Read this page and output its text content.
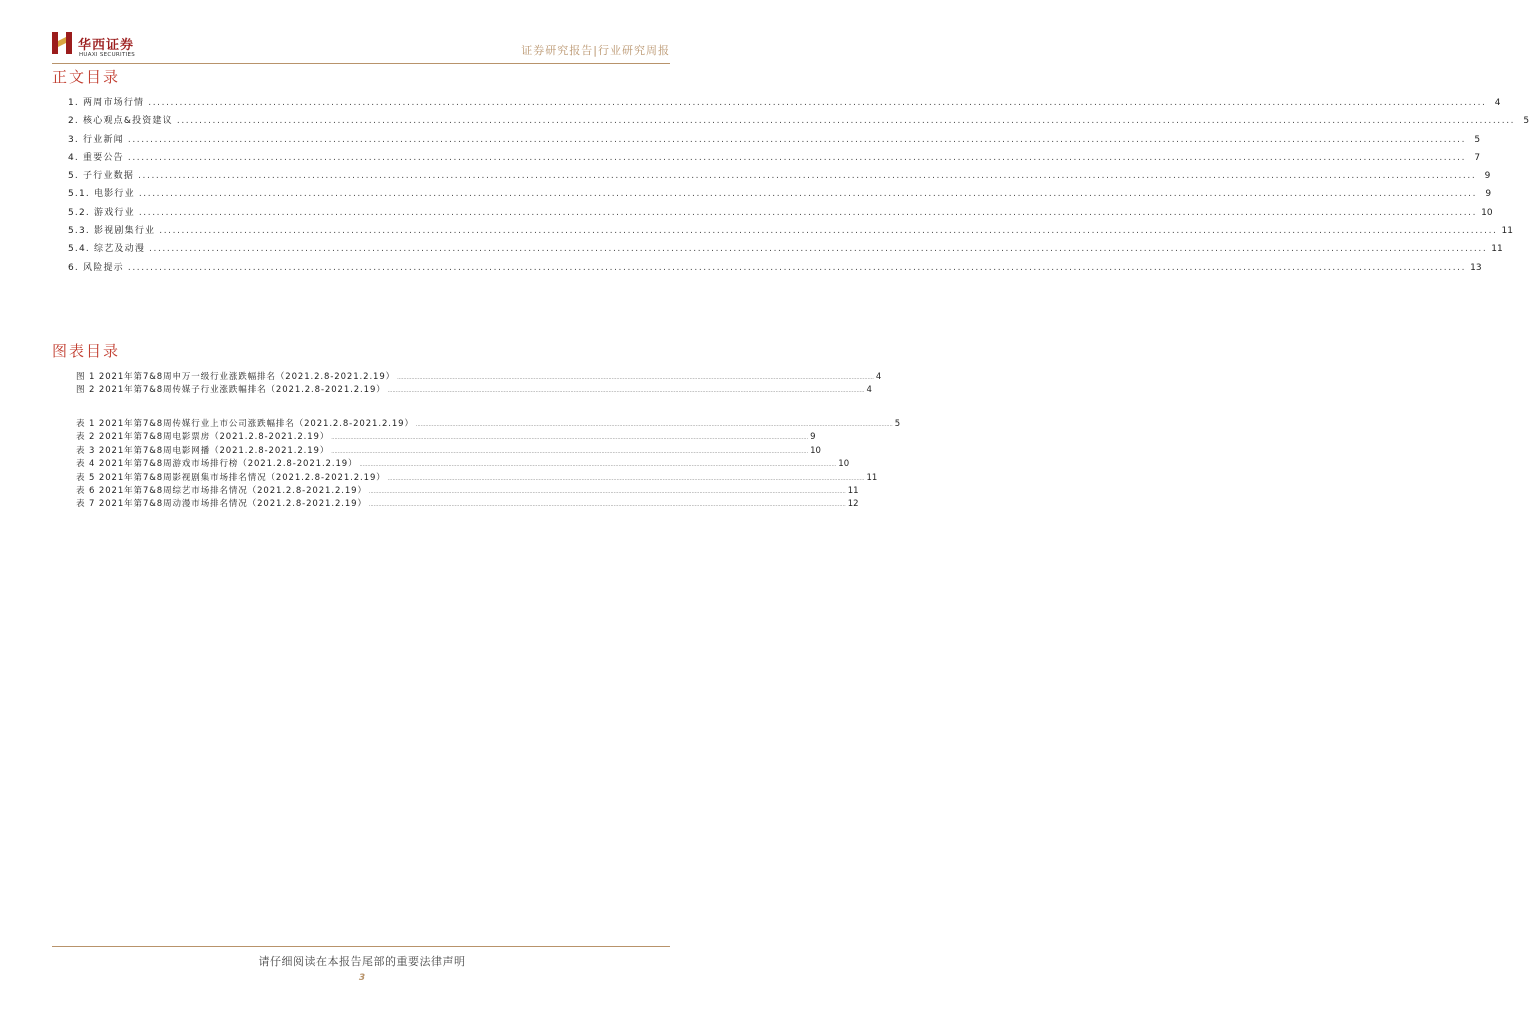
华西证券
HUAXI SECURITIES	证券研究报告|行业研究周报
正文目录
1. 两周市场行情 ............................................................................................................................................................................................................................................................................................................ 4
2. 核心观点&投资建议 ............................................................................................................................................................................................................................................................................................................ 5
3. 行业新闻 ............................................................................................................................................................................................................................................................................................................ 5
4. 重要公告 ............................................................................................................................................................................................................................................................................................................ 7
5. 子行业数据 ............................................................................................................................................................................................................................................................................................................ 9
5.1. 电影行业 ............................................................................................................................................................................................................................................................................................................ 9
5.2. 游戏行业 ............................................................................................................................................................................................................................................................................................................ 10
5.3. 影视剧集行业 ............................................................................................................................................................................................................................................................................................................ 11
5.4. 综艺及动漫 ............................................................................................................................................................................................................................................................................................................ 11
6. 风险提示 ............................................................................................................................................................................................................................................................................................................ 13
图表目录
图 1 2021年第7&8周申万一级行业涨跌幅排名（2021.2.8-2021.2.19） ............................................................................................................................................................................................................................................................................................................ 4
图 2 2021年第7&8周传媒子行业涨跌幅排名（2021.2.8-2021.2.19） ............................................................................................................................................................................................................................................................................................................ 4
表 1 2021年第7&8周传媒行业上市公司涨跌幅排名（2021.2.8-2021.2.19） ............................................................................................................................................................................................................................................................................................................ 5
表 2 2021年第7&8周电影票房（2021.2.8-2021.2.19） ............................................................................................................................................................................................................................................................................................................ 9
表 3 2021年第7&8周电影网播（2021.2.8-2021.2.19） ............................................................................................................................................................................................................................................................................................................ 10
表 4 2021年第7&8周游戏市场排行榜（2021.2.8-2021.2.19） ............................................................................................................................................................................................................................................................................................................ 10
表 5 2021年第7&8周影视剧集市场排名情况（2021.2.8-2021.2.19） ............................................................................................................................................................................................................................................................................................................ 11
表 6 2021年第7&8周综艺市场排名情况（2021.2.8-2021.2.19） ............................................................................................................................................................................................................................................................................................................ 11
表 7 2021年第7&8周动漫市场排名情况（2021.2.8-2021.2.19） ............................................................................................................................................................................................................................................................................................................ 12
请仔细阅读在本报告尾部的重要法律声明
3
